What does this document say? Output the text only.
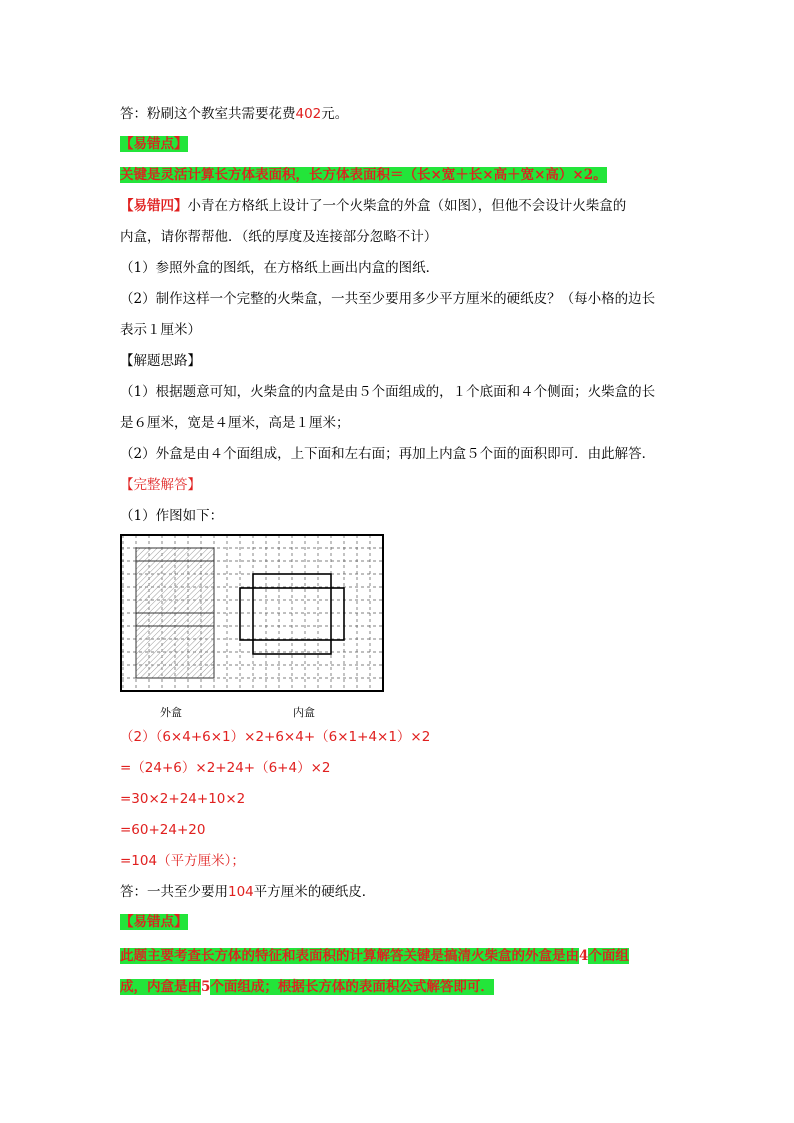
答：粉刷这个教室共需要花费402元。
【易错点】
关键是灵活计算长方体表面积，长方体表面积＝（长×宽＋长×高＋宽×高）×2。
【易错四】小青在方格纸上设计了一个火柴盒的外盒（如图），但他不会设计火柴盒的
内盒，请你帮帮他．（纸的厚度及连接部分忽略不计）
（1）参照外盒的图纸，在方格纸上画出内盒的图纸．
（2）制作这样一个完整的火柴盒，一共至少要用多少平方厘米的硬纸皮？（每小格的边长
表示１厘米）
【解题思路】
（1）根据题意可知，火柴盒的内盒是由５个面组成的，１个底面和４个侧面；火柴盒的长
是６厘米，宽是４厘米，高是１厘米；
（2）外盒是由４个面组成，上下面和左右面；再加上内盒５个面的面积即可．由此解答．
【完整解答】
（1）作图如下：
外盒	内盒
（2）（6×4+6×1）×2+6×4+（6×1+4×1）×2
=（24+6）×2+24+（6+4）×2
=30×2+24+10×2
=60+24+20
=104（平方厘米）；
答：一共至少要用104平方厘米的硬纸皮．
【易错点】
此题主要考查长方体的特征和表面积的计算解答关键是搞清火柴盒的外盒是由4个面组
成，内盒是由5个面组成；根据长方体的表面积公式解答即可．
